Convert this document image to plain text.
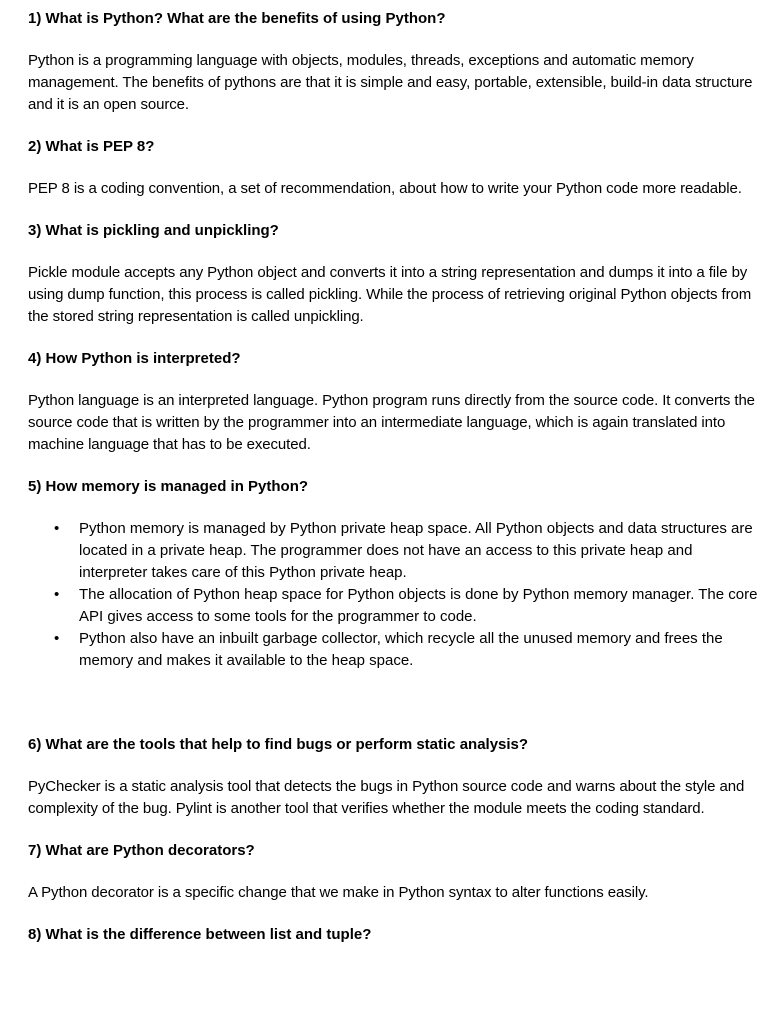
1) What is Python? What are the benefits of using Python?

Python is a programming language with objects, modules, threads, exceptions and automatic memory management. The benefits of pythons are that it is simple and easy, portable, extensible, build-in data structure and it is an open source.

2) What is PEP 8?

PEP 8 is a coding convention, a set of recommendation, about how to write your Python code more readable.

3) What is pickling and unpickling?

Pickle module accepts any Python object and converts it into a string representation and dumps it into a file by using dump function, this process is called pickling. While the process of retrieving original Python objects from the stored string representation is called unpickling.

4) How Python is interpreted?

Python language is an interpreted language. Python program runs directly from the source code. It converts the source code that is written by the programmer into an intermediate language, which is again translated into machine language that has to be executed.

5) How memory is managed in Python?

• Python memory is managed by Python private heap space. All Python objects and data structures are located in a private heap. The programmer does not have an access to this private heap and interpreter takes care of this Python private heap.
• The allocation of Python heap space for Python objects is done by Python memory manager. The core API gives access to some tools for the programmer to code.
• Python also have an inbuilt garbage collector, which recycle all the unused memory and frees the memory and makes it available to the heap space.

6) What are the tools that help to find bugs or perform static analysis?

PyChecker is a static analysis tool that detects the bugs in Python source code and warns about the style and complexity of the bug. Pylint is another tool that verifies whether the module meets the coding standard.

7) What are Python decorators?

A Python decorator is a specific change that we make in Python syntax to alter functions easily.

8) What is the difference between list and tuple?
